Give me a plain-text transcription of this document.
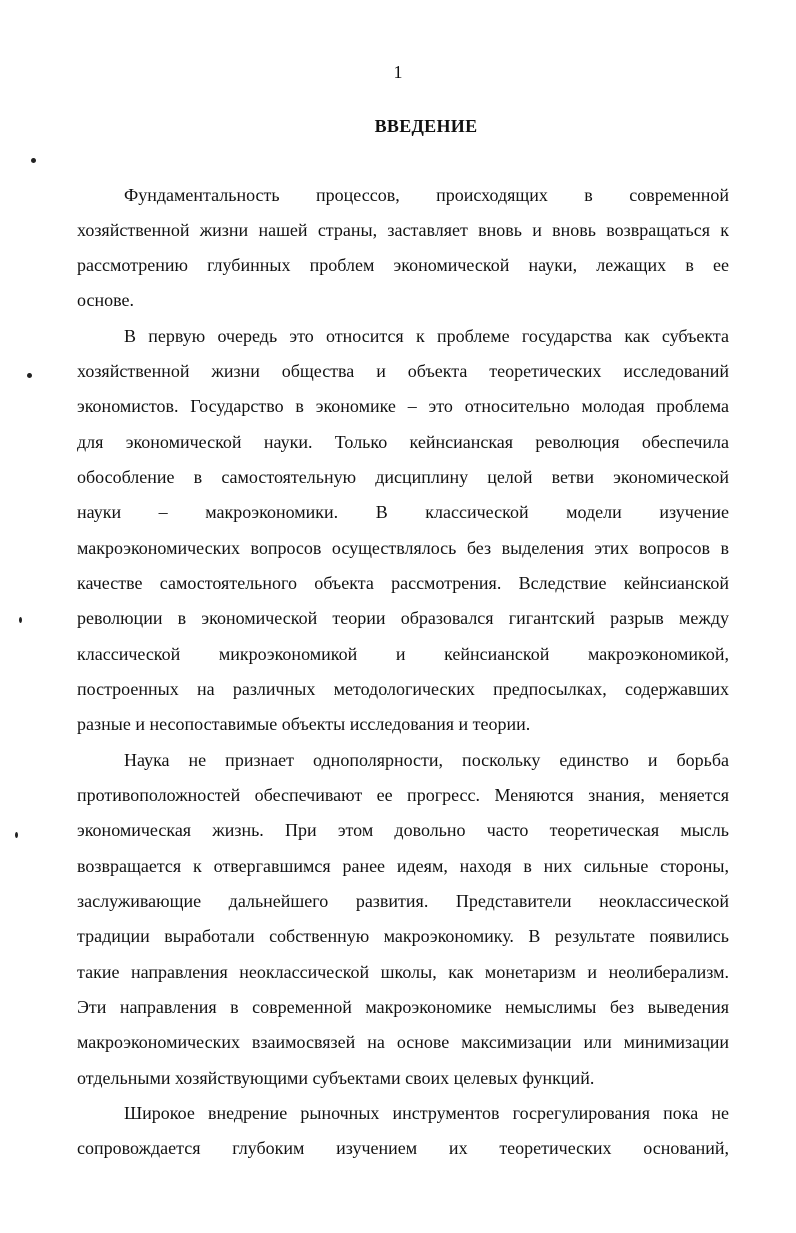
1
ВВЕДЕНИЕ
Фундаментальность процессов, происходящих в современной
хозяйственной жизни нашей страны, заставляет вновь и вновь возвращаться к
рассмотрению глубинных проблем экономической науки, лежащих в ее
основе.
В первую очередь это относится к проблеме государства как субъекта
хозяйственной жизни общества и объекта теоретических исследований
экономистов. Государство в экономике – это относительно молодая проблема
для экономической науки. Только кейнсианская революция обеспечила
обособление в самостоятельную дисциплину целой ветви экономической
науки – макроэкономики. В классической модели изучение
макроэкономических вопросов осуществлялось без выделения этих вопросов в
качестве самостоятельного объекта рассмотрения. Вследствие кейнсианской
революции в экономической теории образовался гигантский разрыв между
классической микроэкономикой и кейнсианской макроэкономикой,
построенных на различных методологических предпосылках, содержавших
разные и несопоставимые объекты исследования и теории.
Наука не признает однополярности, поскольку единство и борьба
противоположностей обеспечивают ее прогресс. Меняются знания, меняется
экономическая жизнь. При этом довольно часто теоретическая мысль
возвращается к отвергавшимся ранее идеям, находя в них сильные стороны,
заслуживающие дальнейшего развития. Представители неоклассической
традиции выработали собственную макроэкономику. В результате появились
такие направления неоклассической школы, как монетаризм и неолиберализм.
Эти направления в современной макроэкономике немыслимы без выведения
макроэкономических взаимосвязей на основе максимизации или минимизации
отдельными хозяйствующими субъектами своих целевых функций.
Широкое внедрение рыночных инструментов госрегулирования пока не
сопровождается глубоким изучением их теоретических оснований,
